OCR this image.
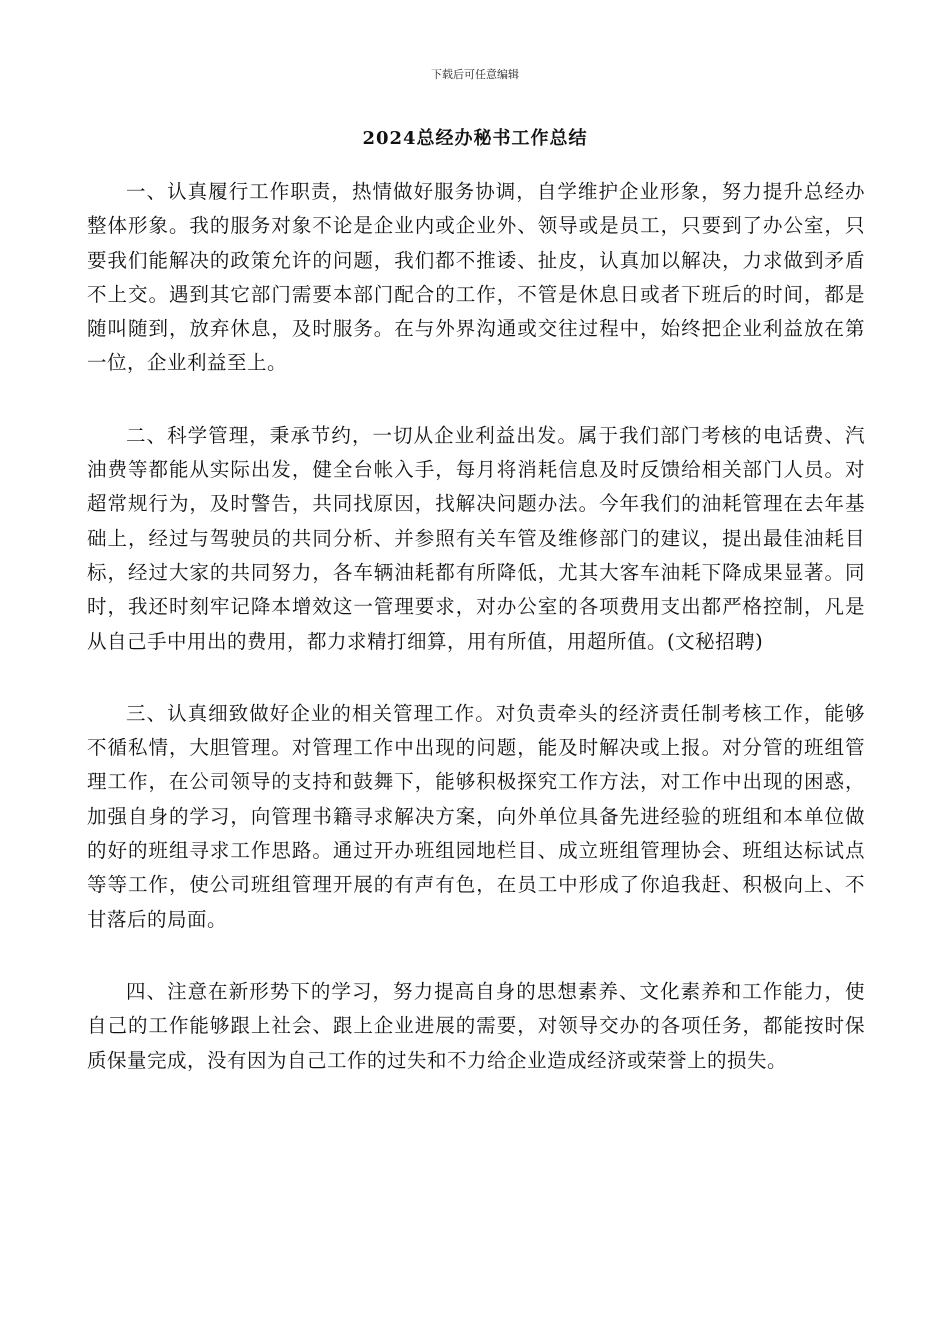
下载后可任意编辑
2024总经办秘书工作总结

一、认真履行工作职责，热情做好服务协调，自学维护企业形象，努力提升总经办整体形象。我的服务对象不论是企业内或企业外、领导或是员工，只要到了办公室，只要我们能解决的政策允许的问题，我们都不推诿、扯皮，认真加以解决，力求做到矛盾不上交。遇到其它部门需要本部门配合的工作，不管是休息日或者下班后的时间，都是随叫随到，放弃休息，及时服务。在与外界沟通或交往过程中，始终把企业利益放在第一位，企业利益至上。

二、科学管理，秉承节约，一切从企业利益出发。属于我们部门考核的电话费、汽油费等都能从实际出发，健全台帐入手，每月将消耗信息及时反馈给相关部门人员。对超常规行为，及时警告，共同找原因，找解决问题办法。今年我们的油耗管理在去年基础上，经过与驾驶员的共同分析、并参照有关车管及维修部门的建议，提出最佳油耗目标，经过大家的共同努力，各车辆油耗都有所降低，尤其大客车油耗下降成果显著。同时，我还时刻牢记降本增效这一管理要求，对办公室的各项费用支出都严格控制，凡是从自己手中用出的费用，都力求精打细算，用有所值，用超所值。(文秘招聘)

三、认真细致做好企业的相关管理工作。对负责牵头的经济责任制考核工作，能够不循私情，大胆管理。对管理工作中出现的问题，能及时解决或上报。对分管的班组管理工作，在公司领导的支持和鼓舞下，能够积极探究工作方法，对工作中出现的困惑，加强自身的学习，向管理书籍寻求解决方案，向外单位具备先进经验的班组和本单位做的好的班组寻求工作思路。通过开办班组园地栏目、成立班组管理协会、班组达标试点等等工作，使公司班组管理开展的有声有色，在员工中形成了你追我赶、积极向上、不甘落后的局面。

四、注意在新形势下的学习，努力提高自身的思想素养、文化素养和工作能力，使自己的工作能够跟上社会、跟上企业进展的需要，对领导交办的各项任务，都能按时保质保量完成，没有因为自己工作的过失和不力给企业造成经济或荣誉上的损失。
